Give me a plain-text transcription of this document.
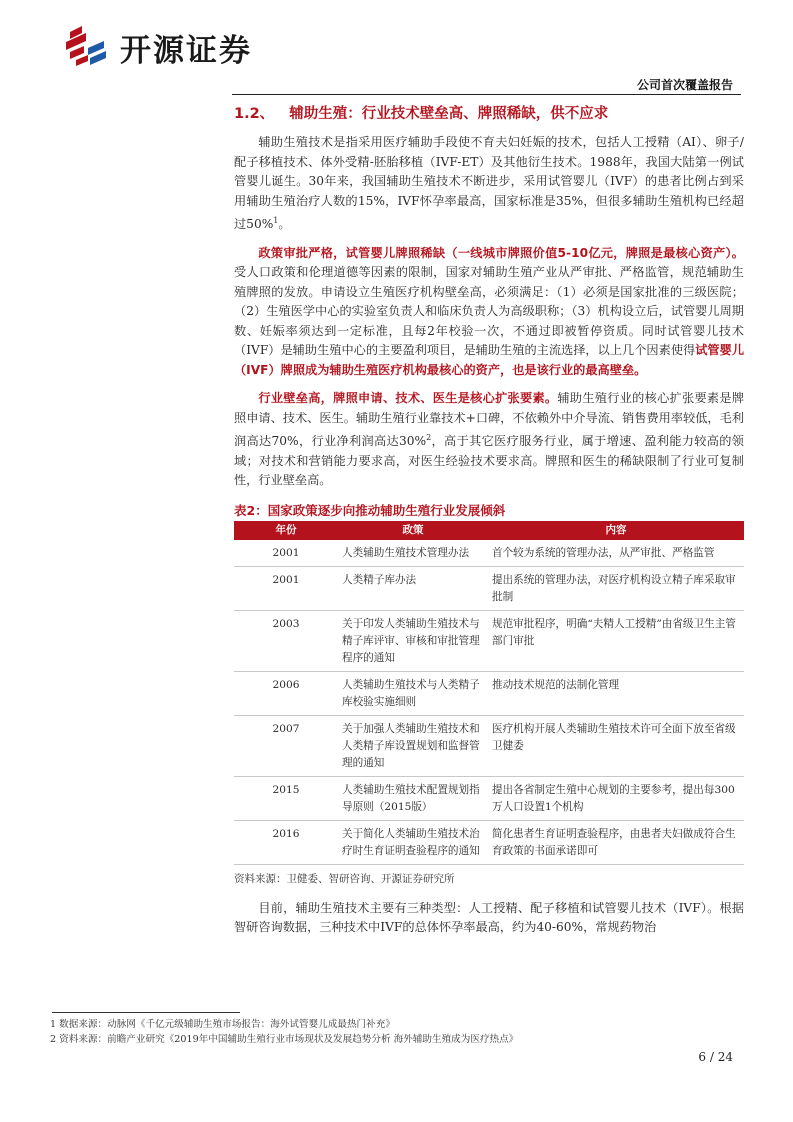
开源证券
公司首次覆盖报告
1.2、 辅助生殖：行业技术壁垒高、牌照稀缺，供不应求

辅助生殖技术是指采用医疗辅助手段使不育夫妇妊娠的技术，包括人工授精（AI）、卵子/配子移植技术、体外受精-胚胎移植（IVF-ET）及其他衍生技术。1988年，我国大陆第一例试管婴儿诞生。30年来，我国辅助生殖技术不断进步，采用试管婴儿（IVF）的患者比例占到采用辅助生殖治疗人数的15%，IVF怀孕率最高，国家标准是35%，但很多辅助生殖机构已经超过50%$^1$。

政策审批严格，试管婴儿牌照稀缺（一线城市牌照价值5-10亿元，牌照是最核心资产）。受人口政策和伦理道德等因素的限制，国家对辅助生殖产业从严审批、严格监管，规范辅助生殖牌照的发放。申请设立生殖医疗机构壁垒高，必须满足：（1）必须是国家批准的三级医院；（2）生殖医学中心的实验室负责人和临床负责人为高级职称；（3）机构设立后，试管婴儿周期数、妊娠率须达到一定标准，且每2年校验一次，不通过即被暂停资质。同时试管婴儿技术（IVF）是辅助生殖中心的主要盈利项目，是辅助生殖的主流选择，以上几个因素使得试管婴儿（IVF）牌照成为辅助生殖医疗机构最核心的资产，也是该行业的最高壁垒。

行业壁垒高，牌照申请、技术、医生是核心扩张要素。辅助生殖行业的核心扩张要素是牌照申请、技术、医生。辅助生殖行业靠技术+口碑，不依赖外中介导流、销售费用率较低，毛利润高达70%，行业净利润高达30%$^2$，高于其它医疗服务行业，属于增速、盈利能力较高的领域；对技术和营销能力要求高，对医生经验技术要求高。牌照和医生的稀缺限制了行业可复制性，行业壁垒高。

表2：国家政策逐步向推动辅助生殖行业发展倾斜
年份	政策	内容
2001	人类辅助生殖技术管理办法	首个较为系统的管理办法，从严审批、严格监管
2001	人类精子库办法	提出系统的管理办法，对医疗机构设立精子库采取审批制
2003	关于印发人类辅助生殖技术与精子库评审、审核和审批管理程序的通知	规范审批程序，明确“夫精人工授精”由省级卫生主管部门审批
2006	人类辅助生殖技术与人类精子库校验实施细则	推动技术规范的法制化管理
2007	关于加强人类辅助生殖技术和人类精子库设置规划和监督管理的通知	医疗机构开展人类辅助生殖技术许可全面下放至省级卫健委
2015	人类辅助生殖技术配置规划指导原则（2015版）	提出各省制定生殖中心规划的主要参考，提出每300万人口设置1个机构
2016	关于简化人类辅助生殖技术治疗时生育证明查验程序的通知	简化患者生育证明查验程序，由患者夫妇做成符合生育政策的书面承诺即可
资料来源：卫健委、智研咨询、开源证券研究所

目前，辅助生殖技术主要有三种类型：人工授精、配子移植和试管婴儿技术（IVF）。根据智研咨询数据，三种技术中IVF的总体怀孕率最高，约为40-60%，常规药物治

1 数据来源：动脉网《千亿元级辅助生殖市场报告：海外试管婴儿成最热门补充》
2 资料来源：前瞻产业研究《2019年中国辅助生殖行业市场现状及发展趋势分析 海外辅助生殖成为医疗热点》
6 / 24
